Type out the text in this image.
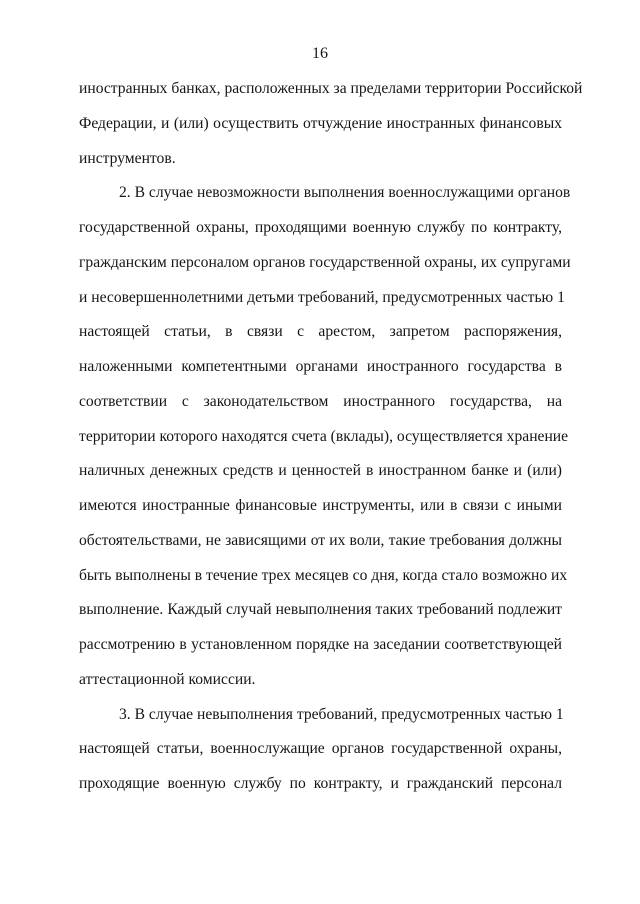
16
иностранных банках, расположенных за пределами территории Российской
Федерации, и (или) осуществить отчуждение иностранных финансовых
инструментов.
2. В случае невозможности выполнения военнослужащими органов
государственной охраны, проходящими военную службу по контракту,
гражданским персоналом органов государственной охраны, их супругами
и несовершеннолетними детьми требований, предусмотренных частью 1
настоящей статьи, в связи с арестом, запретом распоряжения,
наложенными компетентными органами иностранного государства в
соответствии с законодательством иностранного государства, на
территории которого находятся счета (вклады), осуществляется хранение
наличных денежных средств и ценностей в иностранном банке и (или)
имеются иностранные финансовые инструменты, или в связи с иными
обстоятельствами, не зависящими от их воли, такие требования должны
быть выполнены в течение трех месяцев со дня, когда стало возможно их
выполнение. Каждый случай невыполнения таких требований подлежит
рассмотрению в установленном порядке на заседании соответствующей
аттестационной комиссии.
3. В случае невыполнения требований, предусмотренных частью 1
настоящей статьи, военнослужащие органов государственной охраны,
проходящие военную службу по контракту, и гражданский персонал
